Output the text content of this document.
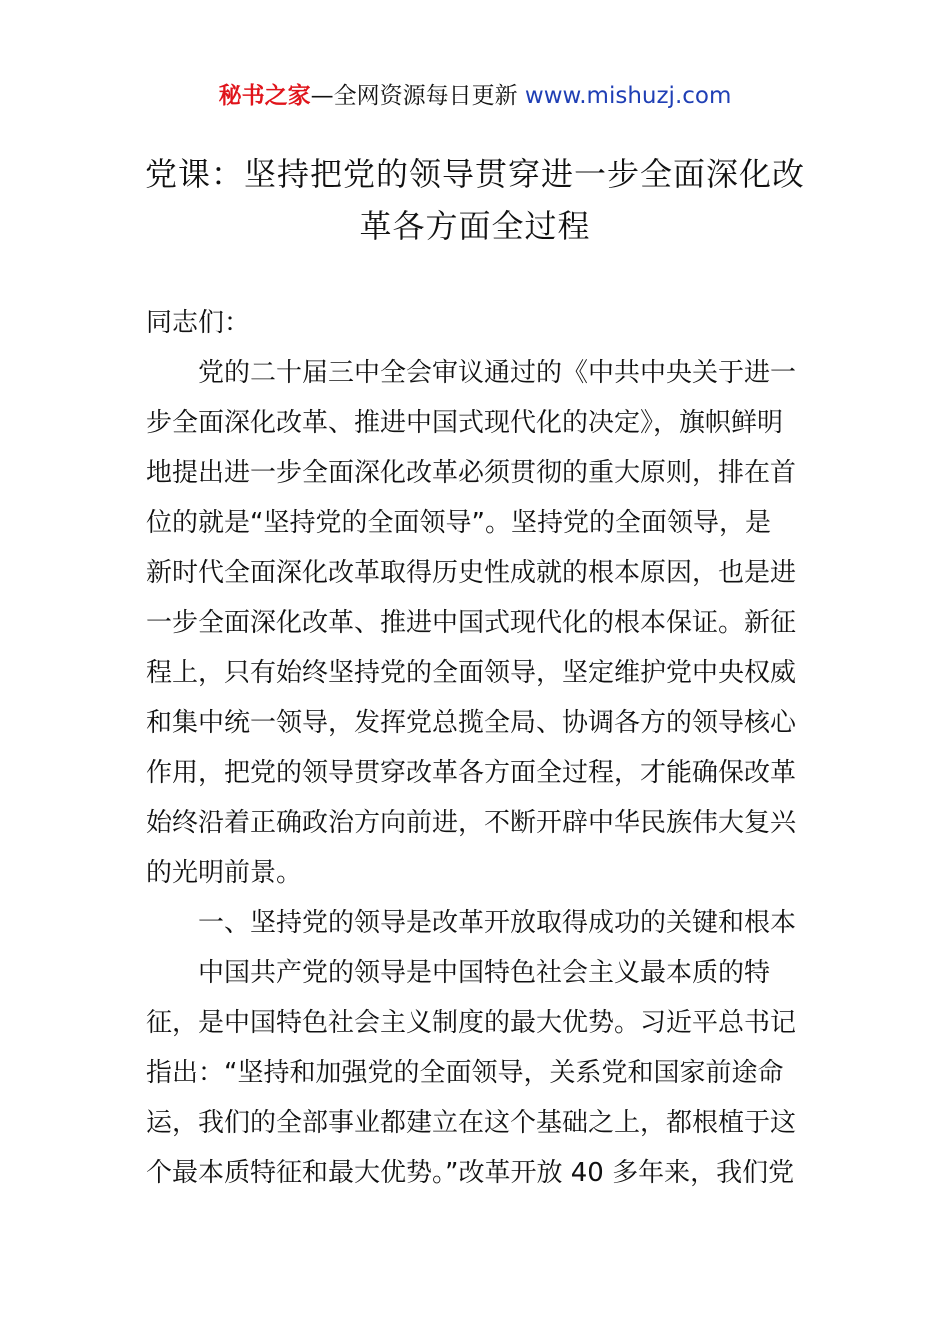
秘书之家—全网资源每日更新 www.mishuzj.com
党课：坚持把党的领导贯穿进一步全面深化改
革各方面全过程
同志们：
　　党的二十届三中全会审议通过的《中共中央关于进一
步全面深化改革、推进中国式现代化的决定》，旗帜鲜明
地提出进一步全面深化改革必须贯彻的重大原则，排在首
位的就是“坚持党的全面领导”。坚持党的全面领导，是
新时代全面深化改革取得历史性成就的根本原因，也是进
一步全面深化改革、推进中国式现代化的根本保证。新征
程上，只有始终坚持党的全面领导，坚定维护党中央权威
和集中统一领导，发挥党总揽全局、协调各方的领导核心
作用，把党的领导贯穿改革各方面全过程，才能确保改革
始终沿着正确政治方向前进，不断开辟中华民族伟大复兴
的光明前景。
　　一、坚持党的领导是改革开放取得成功的关键和根本
　　中国共产党的领导是中国特色社会主义最本质的特
征，是中国特色社会主义制度的最大优势。习近平总书记
指出：“坚持和加强党的全面领导，关系党和国家前途命
运，我们的全部事业都建立在这个基础之上，都根植于这
个最本质特征和最大优势。”改革开放 40 多年来，我们党
